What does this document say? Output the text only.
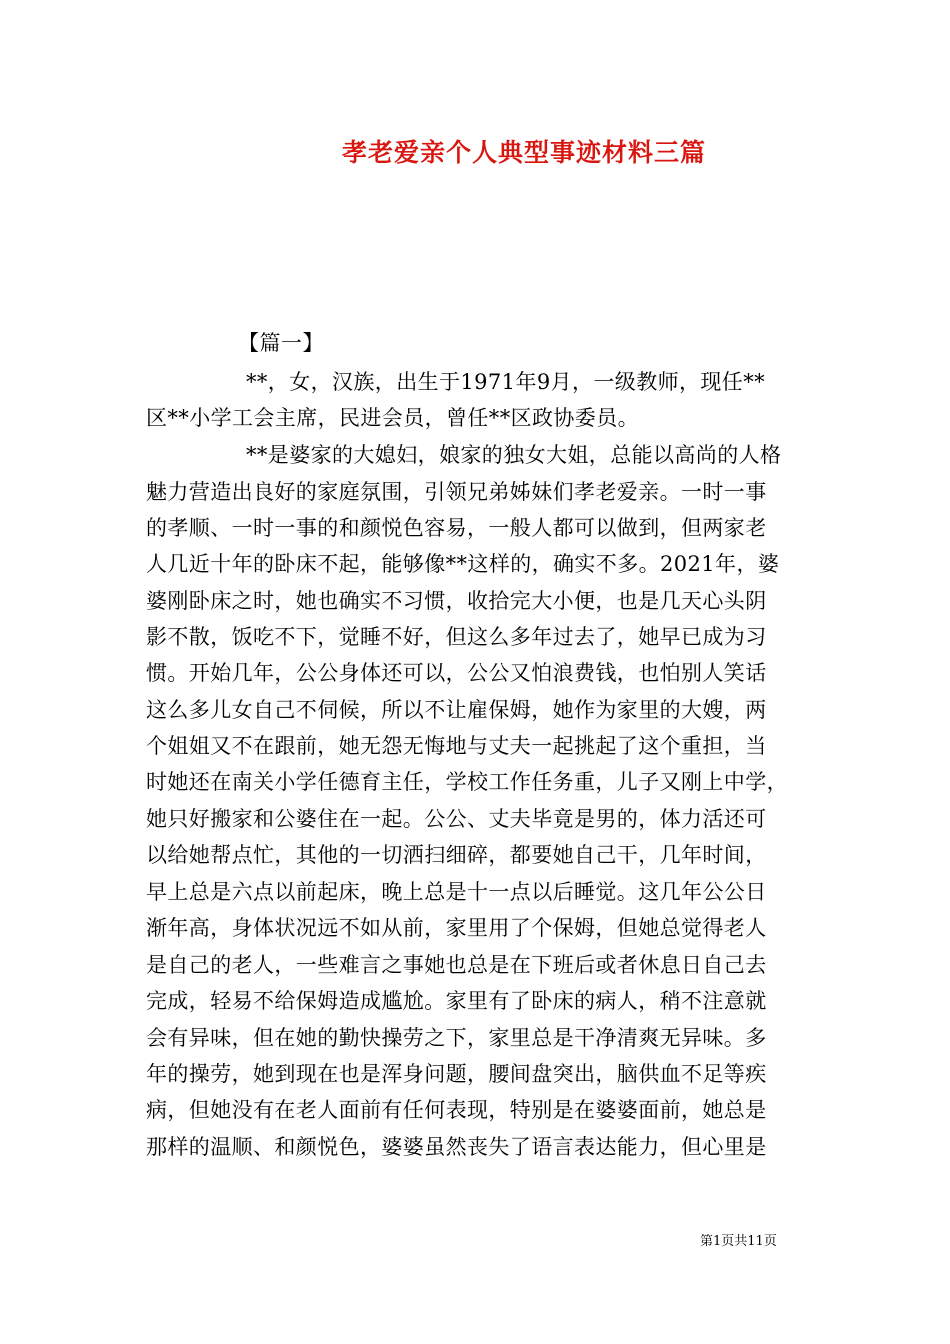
孝老爱亲个人典型事迹材料三篇
【篇一】
**，女，汉族，出生于1971年9月，一级教师，现任**
区**小学工会主席，民进会员，曾任**区政协委员。
**是婆家的大媳妇，娘家的独女大姐，总能以高尚的人格
魅力营造出良好的家庭氛围，引领兄弟姊妹们孝老爱亲。一时一事
的孝顺、一时一事的和颜悦色容易，一般人都可以做到，但两家老
人几近十年的卧床不起，能够像**这样的，确实不多。2021年，婆
婆刚卧床之时，她也确实不习惯，收拾完大小便，也是几天心头阴
影不散，饭吃不下，觉睡不好，但这么多年过去了，她早已成为习
惯。开始几年，公公身体还可以，公公又怕浪费钱，也怕别人笑话
这么多儿女自己不伺候，所以不让雇保姆，她作为家里的大嫂，两
个姐姐又不在跟前，她无怨无悔地与丈夫一起挑起了这个重担，当
时她还在南关小学任德育主任，学校工作任务重，儿子又刚上中学，
她只好搬家和公婆住在一起。公公、丈夫毕竟是男的，体力活还可
以给她帮点忙，其他的一切洒扫细碎，都要她自己干，几年时间，
早上总是六点以前起床，晚上总是十一点以后睡觉。这几年公公日
渐年高，身体状况远不如从前，家里用了个保姆，但她总觉得老人
是自己的老人，一些难言之事她也总是在下班后或者休息日自己去
完成，轻易不给保姆造成尴尬。家里有了卧床的病人，稍不注意就
会有异味，但在她的勤快操劳之下，家里总是干净清爽无异味。多
年的操劳，她到现在也是浑身问题，腰间盘突出，脑供血不足等疾
病，但她没有在老人面前有任何表现，特别是在婆婆面前，她总是
那样的温顺、和颜悦色，婆婆虽然丧失了语言表达能力，但心里是
第1页共11页
